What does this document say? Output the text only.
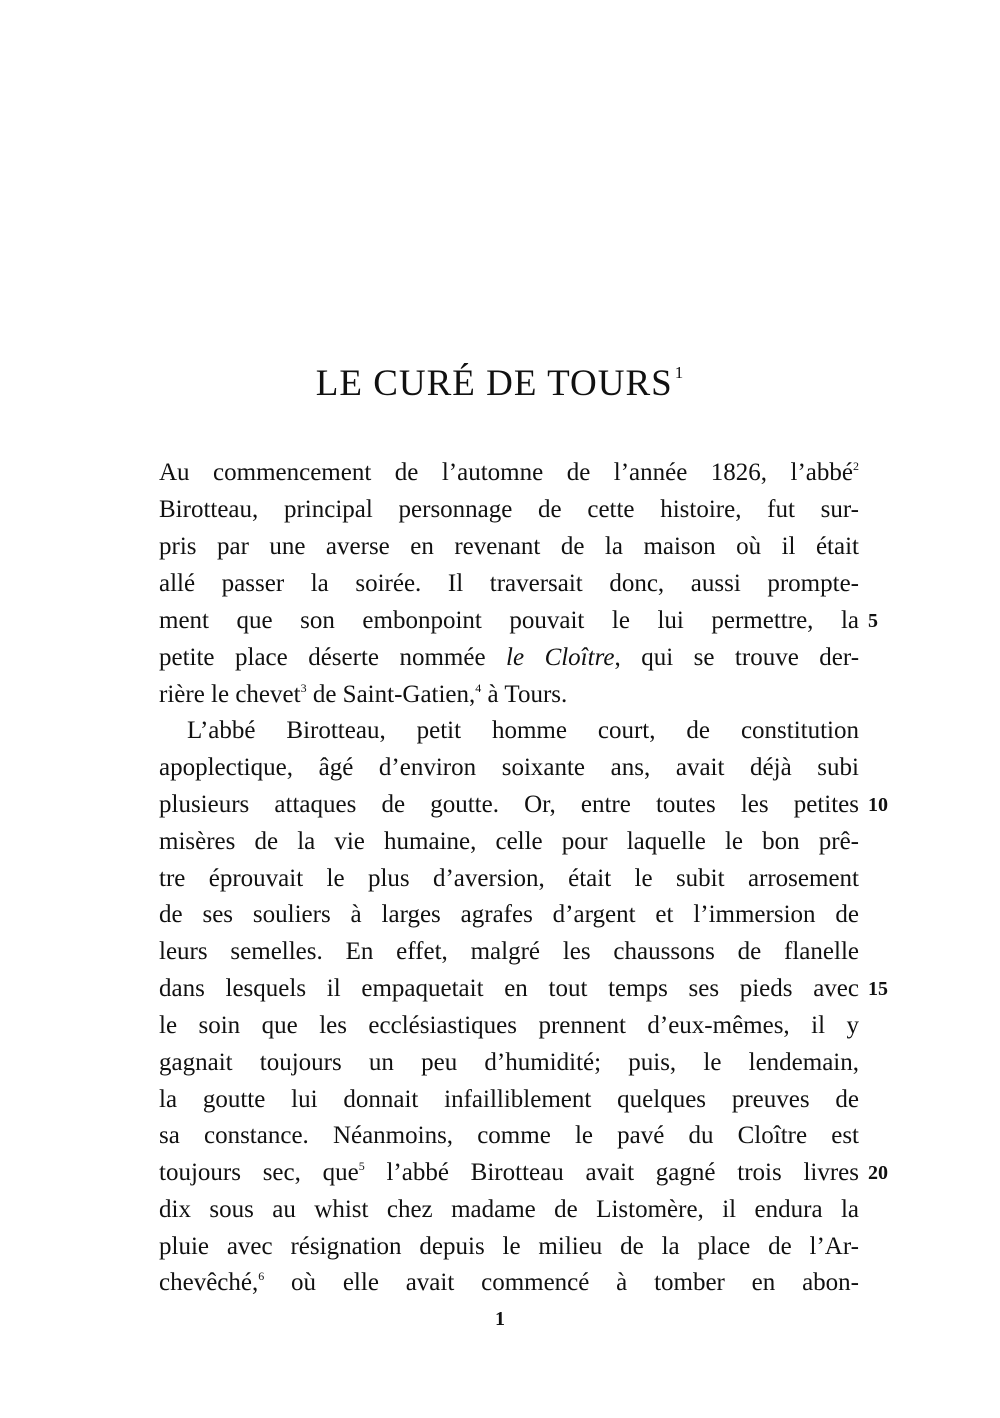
LE CURÉ DE TOURS $^1$
Au commencement de l’automne de l’année 1826, l’abbé$^2$
Birotteau, principal personnage de cette histoire, fut sur-
pris par une averse en revenant de la maison où il était
allé passer la soirée. Il traversait donc, aussi prompte-
ment que son embonpoint pouvait le lui permettre, la 5
petite place déserte nommée le Cloître, qui se trouve der-
rière le chevet$^3$ de Saint-Gatien,$^4$ à Tours.
L’abbé Birotteau, petit homme court, de constitution
apoplectique, âgé d’environ soixante ans, avait déjà subi
plusieurs attaques de goutte. Or, entre toutes les petites 10
misères de la vie humaine, celle pour laquelle le bon prê-
tre éprouvait le plus d’aversion, était le subit arrosement
de ses souliers à larges agrafes d’argent et l’immersion de
leurs semelles. En effet, malgré les chaussons de flanelle
dans lesquels il empaquetait en tout temps ses pieds avec 15
le soin que les ecclésiastiques prennent d’eux-mêmes, il y
gagnait toujours un peu d’humidité; puis, le lendemain,
la goutte lui donnait infailliblement quelques preuves de
sa constance. Néanmoins, comme le pavé du Cloître est
toujours sec, que$^5$ l’abbé Birotteau avait gagné trois livres 20
dix sous au whist chez madame de Listomère, il endura la
pluie avec résignation depuis le milieu de la place de l’Ar-
chevêché,$^6$ où elle avait commencé à tomber en abon-
1
